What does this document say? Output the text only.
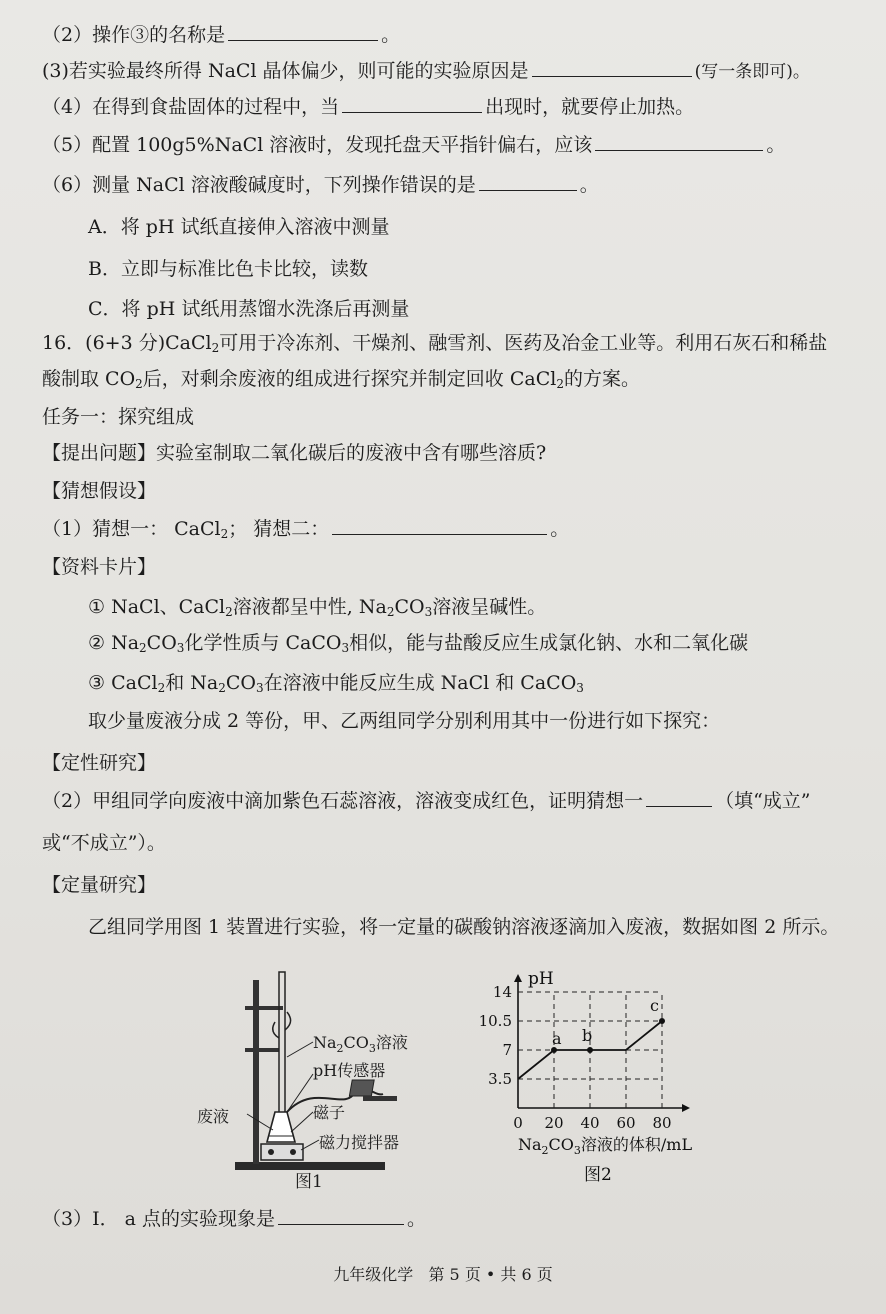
（2）操作③的名称是	。
(3)若实验最终所得 NaCl 晶体偏少，则可能的实验原因是	(写一条即可)。
（4）在得到食盐固体的过程中，当	出现时，就要停止加热。
（5）配置 100g5%NaCl 溶液时，发现托盘天平指针偏右，应该	。
（6）测量 NaCl 溶液酸碱度时，下列操作错误的是	。
A．将 pH 试纸直接伸入溶液中测量
B．立即与标准比色卡比较，读数
C．将 pH 试纸用蒸馏水洗涤后再测量
16．(6+3 分)CaCl$_2$可用于冷冻剂、干燥剂、融雪剂、医药及冶金工业等。利用石灰石和稀盐
酸制取 $CO_2$后，对剩余废液的组成进行探究并制定回收 CaCl$_2$的方案。
任务一：探究组成
【提出问题】实验室制取二氧化碳后的废液中含有哪些溶质?
【猜想假设】
（1）猜想一： CaCl$_2$； 猜想二：	。
【资料卡片】
① NaCl、CaCl$_2$溶液都呈中性, $Na_2CO_3$溶液呈碱性。
② $Na_2CO_3$化学性质与 CaCO$_3$相似，能与盐酸反应生成氯化钠、水和二氧化碳
③ CaCl$_2$和 $Na_2CO_3$在溶液中能反应生成 NaCl 和 CaCO$_3$
取少量废液分成 2 等份，甲、乙两组同学分别利用其中一份进行如下探究：
【定性研究】
（2）甲组同学向废液中滴加紫色石蕊溶液，溶液变成红色，证明猜想一	（填“成立”
或“不成立”）。
【定量研究】
乙组同学用图 1 装置进行实验，将一定量的碳酸钠溶液逐滴加入废液，数据如图 2 所示。
$Na_2CO_3$溶液
pH传感器
废液	磁子
磁力搅拌器
图1
14
10.5
7
3.5
0 20 40 60 80
a b
c
pH
$Na_2CO_3$溶液的体积/mL
图2
（3）Ⅰ． a 点的实验现象是	。
九年级化学 第 5 页 • 共 6 页
